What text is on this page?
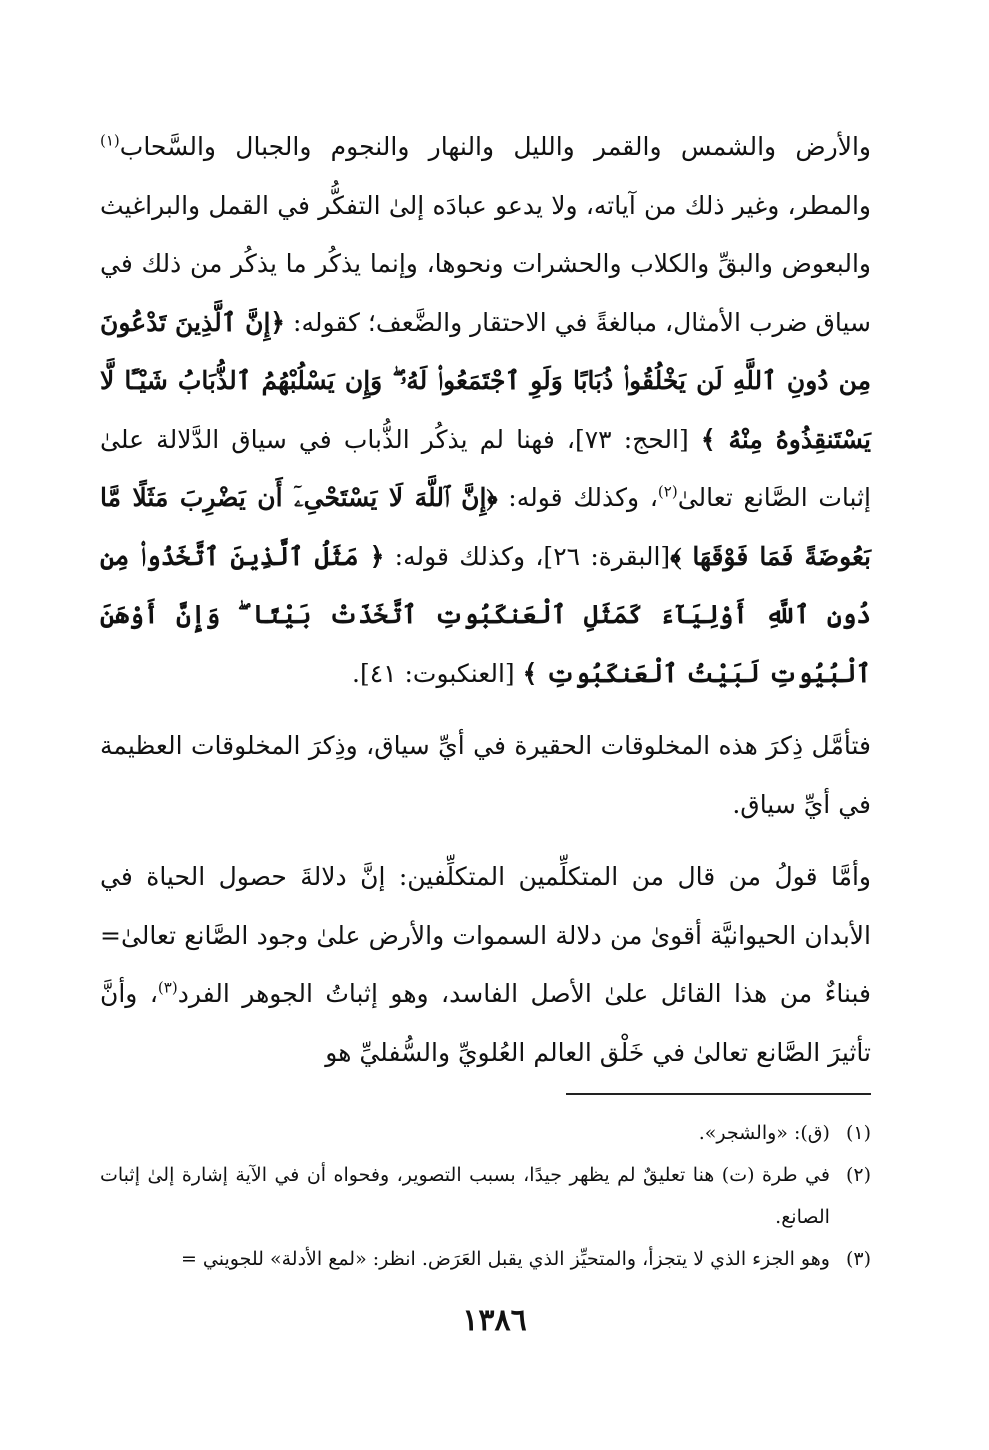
والأرض والشمس والقمر والليل والنهار والنجوم والجبال والسَّحاب$^{(١)}$ والمطر، وغير ذلك من آياته، ولا يدعو عبادَه إلىٰ التفكُّر في القمل والبراغيث والبعوض والبقِّ والكلاب والحشرات ونحوها، وإنما يذكُر ما يذكُر من ذلك في سياق ضرب الأمثال، مبالغةً في الاحتقار والضَّعف؛ كقوله: ﴿إِنَّ ٱلَّذِينَ تَدْعُونَ مِن دُونِ ٱللَّهِ لَن يَخْلُقُوا۟ ذُبَابًا وَلَوِ ٱجْتَمَعُوا۟ لَهُۥ ۖ وَإِن يَسْلُبْهُمُ ٱلذُّبَابُ شَيْـًٔا لَّا يَسْتَنقِذُوهُ مِنْهُ ﴾ [الحج: ٧٣]، فهنا لم يذكُر الذُّباب في سياق الدَّلالة علىٰ إثبات الصَّانع تعالىٰ$^{(٢)}$، وكذلك قوله: ﴿إِنَّ ٱللَّهَ لَا يَسْتَحْىِۦٓ أَن يَضْرِبَ مَثَلًا مَّا بَعُوضَةً فَمَا فَوْقَهَا ﴾[البقرة: ٢٦]، وكذلك قوله: ﴿ مَثَلُ ٱلَّذِينَ ٱتَّخَذُوا۟ مِن دُونِ ٱللَّهِ أَوْلِيَآءَ كَمَثَلِ ٱلْعَنكَبُوتِ ٱتَّخَذَتْ بَيْتًا ۖ وَإِنَّ أَوْهَنَ ٱلْبُيُوتِ لَبَيْتُ ٱلْعَنكَبُوتِ ﴾ [العنكبوت: ٤١].

فتأمَّل ذِكرَ هذه المخلوقات الحقيرة في أيِّ سياق، وذِكرَ المخلوقات العظيمة في أيِّ سياق.

وأمَّا قولُ من قال من المتكلِّمين المتكلِّفين: إنَّ دلالةَ حصول الحياة في الأبدان الحيوانيَّة أقوىٰ من دلالة السموات والأرض علىٰ وجود الصَّانع تعالىٰ= فبناءٌ من هذا القائل علىٰ الأصل الفاسد، وهو إثباتُ الجوهر الفرد$^{(٣)}$، وأنَّ تأثيرَ الصَّانع تعالىٰ في خَلْق العالم العُلويِّ والسُّفليِّ هو

(١)
(ق): «والشجر».
(٢)
في طرة (ت) هنا تعليقٌ لم يظهر جيدًا، بسبب التصوير، وفحواه أن في الآية إشارة إلىٰ إثبات الصانع.
(٣)
وهو الجزء الذي لا يتجزأ، والمتحيِّز الذي يقبل العَرَض. انظر: «لمع الأدلة» للجويني =
١٣٨٦
